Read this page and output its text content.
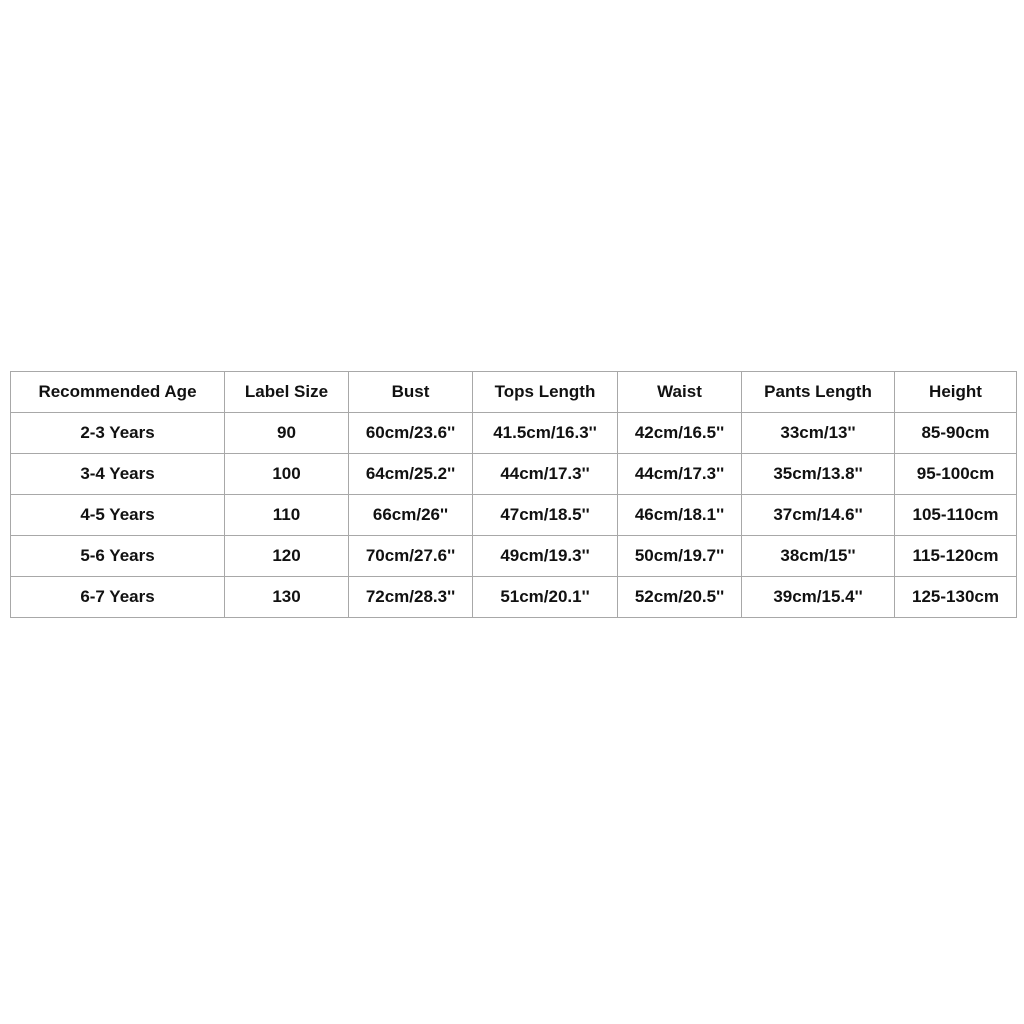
Recommended Age	Label Size	Bust	Tops Length	Waist	Pants Length	Height
2-3 Years	90	60cm/23.6''	41.5cm/16.3''	42cm/16.5''	33cm/13''	85-90cm
3-4 Years	100	64cm/25.2''	44cm/17.3''	44cm/17.3''	35cm/13.8''	95-100cm
4-5 Years	110	66cm/26''	47cm/18.5''	46cm/18.1''	37cm/14.6''	105-110cm
5-6 Years	120	70cm/27.6''	49cm/19.3''	50cm/19.7''	38cm/15''	115-120cm
6-7 Years	130	72cm/28.3''	51cm/20.1''	52cm/20.5''	39cm/15.4''	125-130cm
